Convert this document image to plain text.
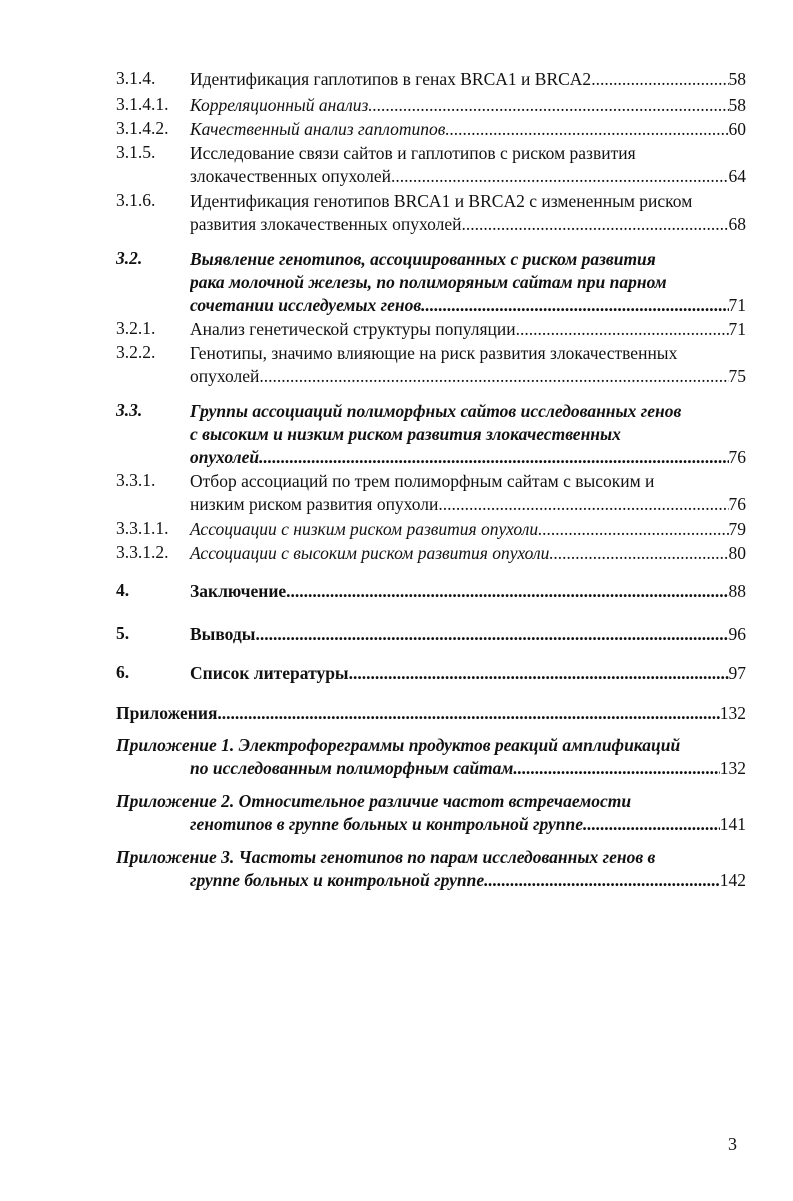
3.1.4. Идентификация гаплотипов в генах BRCA1 и BRCA2 .....	58
3.1.4.1. Корреляционный анализ .....	58
3.1.4.2. Качественный анализ гаплотипов .....	60
3.1.5. Исследование связи сайтов и гаплотипов с риском развития
злокачественных опухолей .....	64
3.1.6. Идентификация генотипов BRCA1 и BRCA2 с измененным риском
развития злокачественных опухолей .....	68
3.2.	Выявление генотипов, ассоциированных с риском развития
рака молочной железы, по полиморяным сайтам при парном
сочетании исследуемых генов .....	71
3.2.1. Анализ генетической структуры популяции .....	71
3.2.2. Генотипы, значимо влияющие на риск развития злокачественных
опухолей .....	75
3.3.	Группы ассоциаций полиморфных сайтов исследованных генов
с высоким и низким риском развития злокачественных
опухолей .....	76
3.3.1. Отбор ассоциаций по трем полиморфным сайтам с высоким и
низким риском развития опухоли .....	76
3.3.1.1. Ассоциации с низким риском развития опухоли .....	79
3.3.1.2. Ассоциации с высоким риском развития опухоли .....	80
4.	Заключение .....	88
5.	Выводы .....	96
6.	Список литературы .....	97
Приложения .....	132
Приложение 1. Электрофореграммы продуктов реакций амплификаций
по исследованным полиморфным сайтам .....	132
Приложение 2. Относительное различие частот встречаемости
генотипов в группе больных и контрольной группе .....	141
Приложение 3. Частоты генотипов по парам исследованных генов в
группе больных и контрольной группе .....	142
3
